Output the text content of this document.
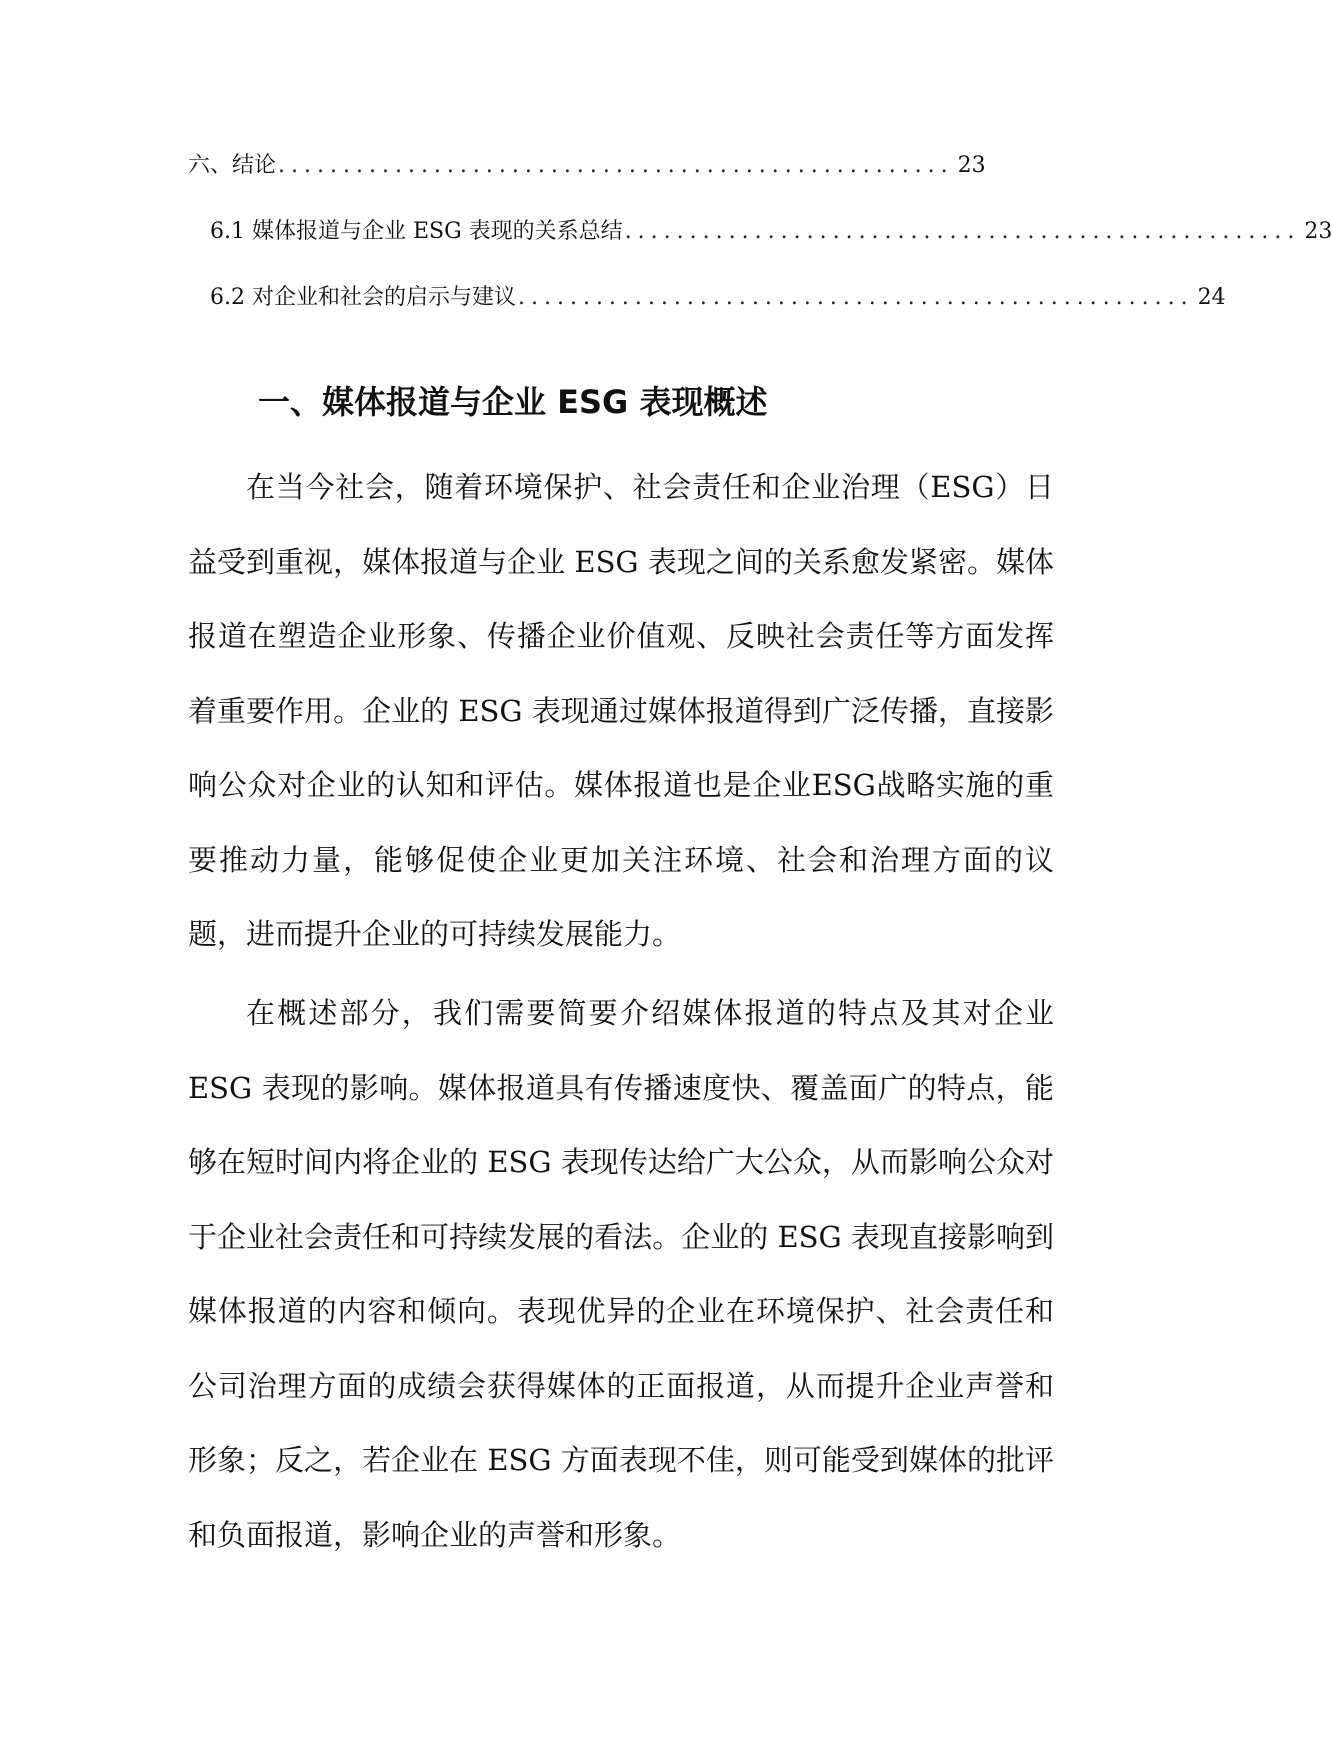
六、结论 .................................................... 23
6.1 媒体报道与企业 ESG 表现的关系总结 .................................................... 23
6.2 对企业和社会的启示与建议 .................................................... 24
一、媒体报道与企业 ESG 表现概述

在当今社会，随着环境保护、社会责任和企业治理（ESG）日益受到重视，媒体报道与企业 ESG 表现之间的关系愈发紧密。媒体报道在塑造企业形象、传播企业价值观、反映社会责任等方面发挥着重要作用。企业的 ESG 表现通过媒体报道得到广泛传播，直接影响公众对企业的认知和评估。媒体报道也是企业ESG战略实施的重要推动力量，能够促使企业更加关注环境、社会和治理方面的议题，进而提升企业的可持续发展能力。

在概述部分，我们需要简要介绍媒体报道的特点及其对企业 ESG 表现的影响。媒体报道具有传播速度快、覆盖面广的特点，能够在短时间内将企业的 ESG 表现传达给广大公众，从而影响公众对于企业社会责任和可持续发展的看法。企业的 ESG 表现直接影响到媒体报道的内容和倾向。表现优异的企业在环境保护、社会责任和公司治理方面的成绩会获得媒体的正面报道，从而提升企业声誉和形象；反之，若企业在 ESG 方面表现不佳，则可能受到媒体的批评和负面报道，影响企业的声誉和形象。
